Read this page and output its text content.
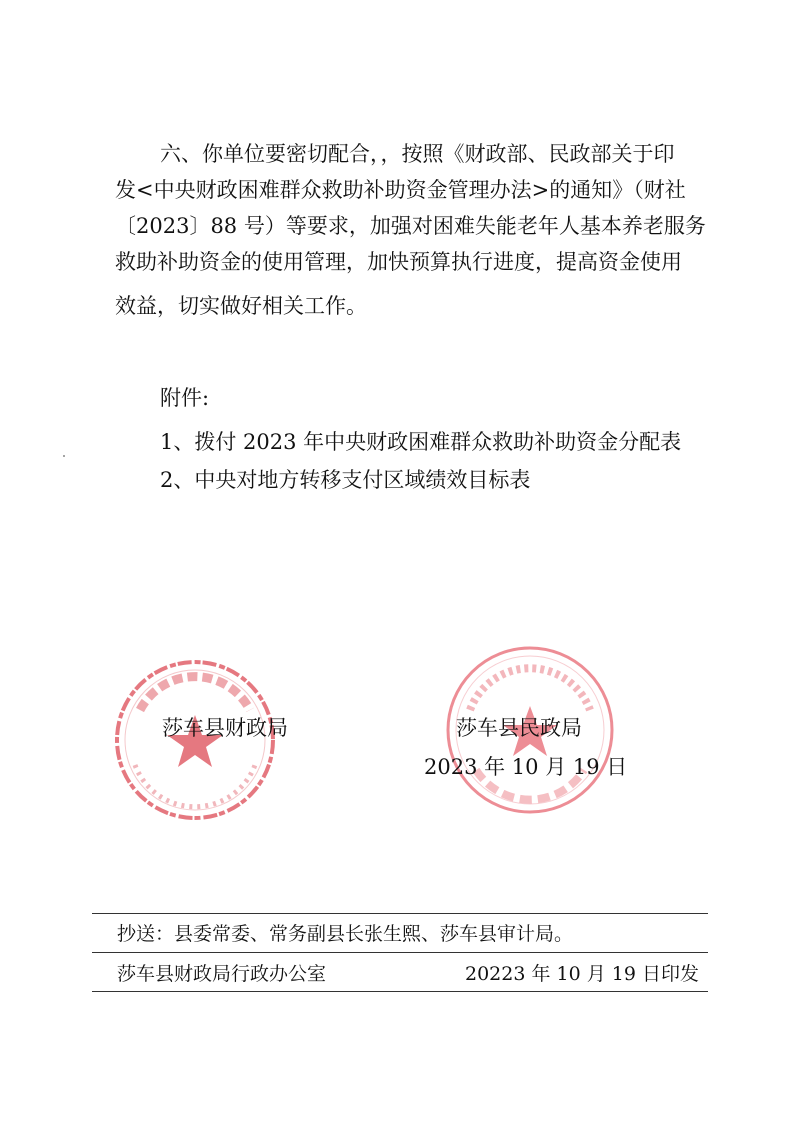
六、你单位要密切配合，，按照《财政部、民政部关于印
发<中央财政困难群众救助补助资金管理办法>的通知》（财社
〔2023〕88 号）等要求，加强对困难失能老年人基本养老服务
救助补助资金的使用管理，加快预算执行进度，提高资金使用
效益，切实做好相关工作。
附件:
1、拨付 2023 年中央财政困难群众救助补助资金分配表
2、中央对地方转移支付区域绩效目标表
莎车县财政局	莎车县民政局
2023 年 10 月 19 日
抄送：县委常委、常务副县长张生熙、莎车县审计局。
莎车县财政局行政办公室	20223 年 10 月 19 日印发
